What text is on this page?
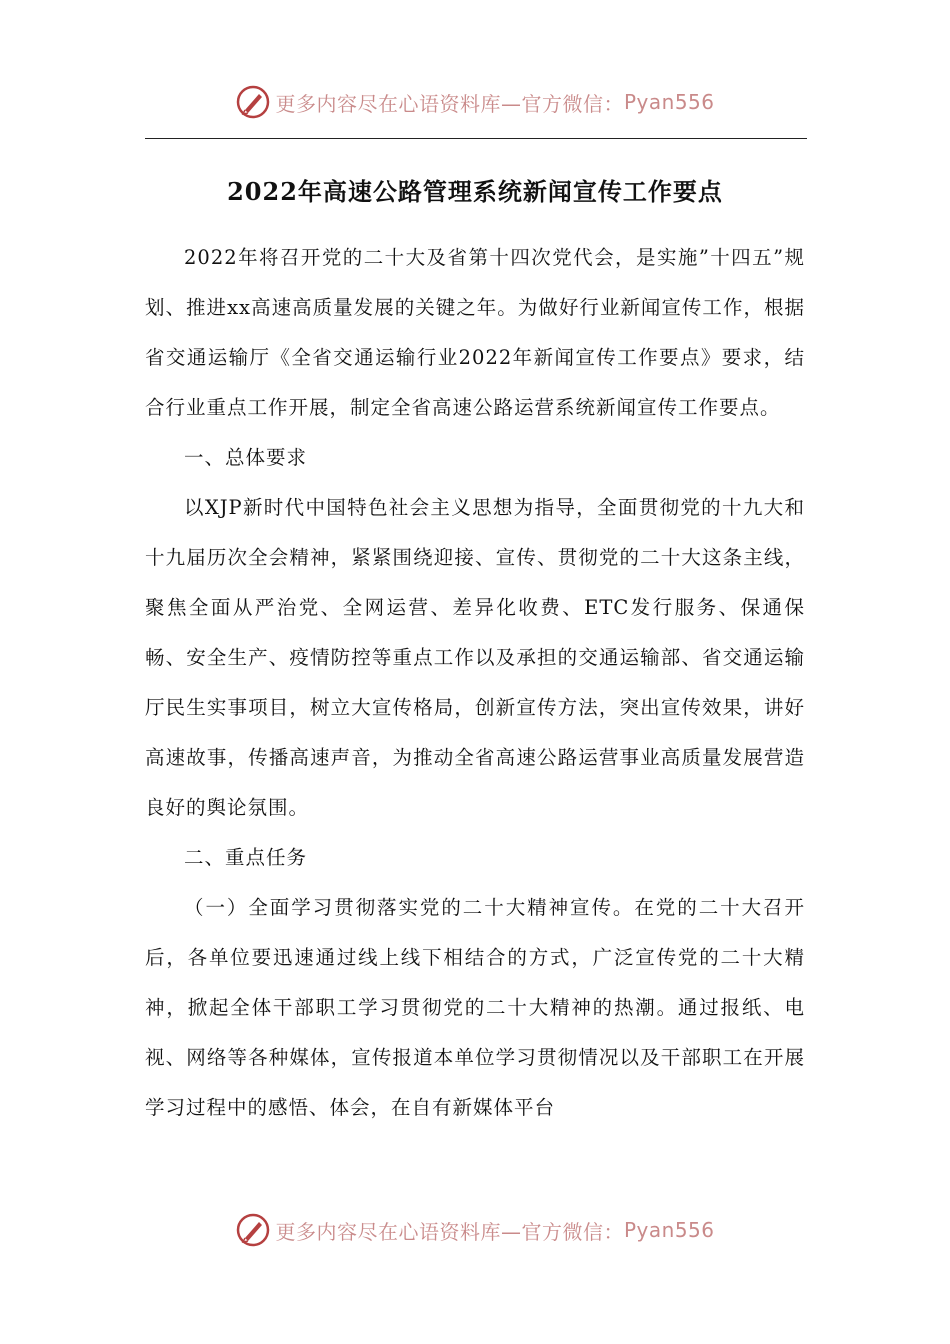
更多内容尽在心语资料库—官方微信： Pyan556
2022年高速公路管理系统新闻宣传工作要点

2022年将召开党的二十大及省第十四次党代会，是实施”十四五”规划、推进xx高速高质量发展的关键之年。为做好行业新闻宣传工作，根据省交通运输厅《全省交通运输行业2022年新闻宣传工作要点》要求，结合行业重点工作开展，制定全省高速公路运营系统新闻宣传工作要点。

一、总体要求

以XJP新时代中国特色社会主义思想为指导，全面贯彻党的十九大和十九届历次全会精神，紧紧围绕迎接、宣传、贯彻党的二十大这条主线，聚焦全面从严治党、全网运营、差异化收费、ETC发行服务、保通保畅、安全生产、疫情防控等重点工作以及承担的交通运输部、省交通运输厅民生实事项目，树立大宣传格局，创新宣传方法，突出宣传效果，讲好高速故事，传播高速声音，为推动全省高速公路运营事业高质量发展营造良好的舆论氛围。

二、重点任务

（一）全面学习贯彻落实党的二十大精神宣传。在党的二十大召开后，各单位要迅速通过线上线下相结合的方式，广泛宣传党的二十大精神，掀起全体干部职工学习贯彻党的二十大精神的热潮。通过报纸、电视、网络等各种媒体，宣传报道本单位学习贯彻情况以及干部职工在开展学习过程中的感悟、体会，在自有新媒体平台

更多内容尽在心语资料库—官方微信： Pyan556
